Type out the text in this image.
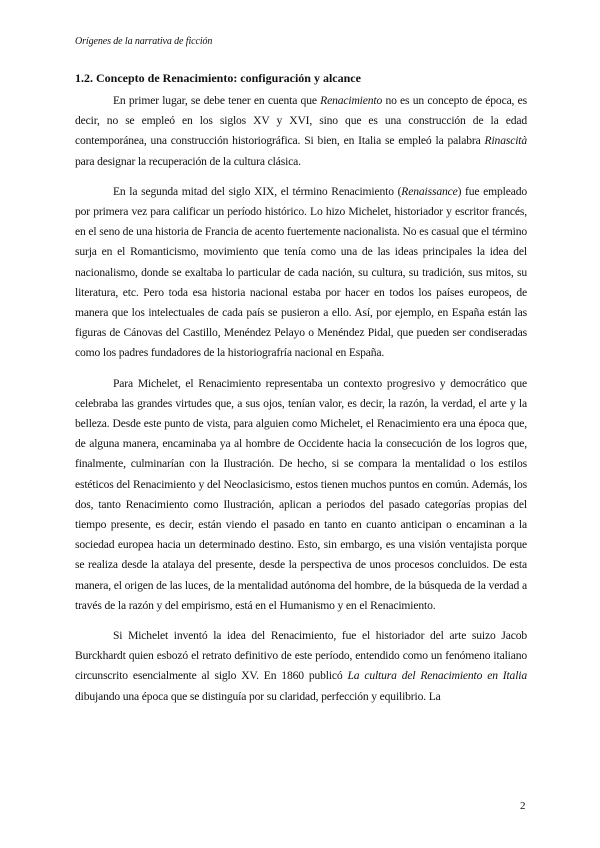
Orígenes de la narrativa de ficción
1.2. Concepto de Renacimiento: configuración y alcance

En primer lugar, se debe tener en cuenta que Renacimiento no es un concepto de época, es decir, no se empleó en los siglos XV y XVI, sino que es una construcción de la edad contemporánea, una construcción historiográfica. Si bien, en Italia se empleó la palabra Rinascità para designar la recuperación de la cultura clásica.

En la segunda mitad del siglo XIX, el término Renacimiento (Renaissance) fue empleado por primera vez para calificar un período histórico. Lo hizo Michelet, historiador y escritor francés, en el seno de una historia de Francia de acento fuertemente nacionalista. No es casual que el término surja en el Romanticismo, movimiento que tenía como una de las ideas principales la idea del nacionalismo, donde se exaltaba lo particular de cada nación, su cultura, su tradición, sus mitos, su literatura, etc. Pero toda esa historia nacional estaba por hacer en todos los países europeos, de manera que los intelectuales de cada país se pusieron a ello. Así, por ejemplo, en España están las figuras de Cánovas del Castillo, Menéndez Pelayo o Menéndez Pidal, que pueden ser condiseradas como los padres fundadores de la historiografría nacional en España.

Para Michelet, el Renacimiento representaba un contexto progresivo y democrático que celebraba las grandes virtudes que, a sus ojos, tenían valor, es decir, la razón, la verdad, el arte y la belleza. Desde este punto de vista, para alguien como Michelet, el Renacimiento era una época que, de alguna manera, encaminaba ya al hombre de Occidente hacia la consecución de los logros que, finalmente, culminarían con la Ilustración. De hecho, si se compara la mentalidad o los estilos estéticos del Renacimiento y del Neoclasicismo, estos tienen muchos puntos en común. Además, los dos, tanto Renacimiento como Ilustración, aplican a periodos del pasado categorías propias del tiempo presente, es decir, están viendo el pasado en tanto en cuanto anticipan o encaminan a la sociedad europea hacia un determinado destino. Esto, sin embargo, es una visión ventajista porque se realiza desde la atalaya del presente, desde la perspectiva de unos procesos concluidos. De esta manera, el origen de las luces, de la mentalidad autónoma del hombre, de la búsqueda de la verdad a través de la razón y del empirismo, está en el Humanismo y en el Renacimiento.

Si Michelet inventó la idea del Renacimiento, fue el historiador del arte suizo Jacob Burckhardt quien esbozó el retrato definitivo de este período, entendido como un fenómeno italiano circunscrito esencialmente al siglo XV. En 1860 publicó La cultura del Renacimiento en Italia dibujando una época que se distinguía por su claridad, perfección y equilibrio. La

2
